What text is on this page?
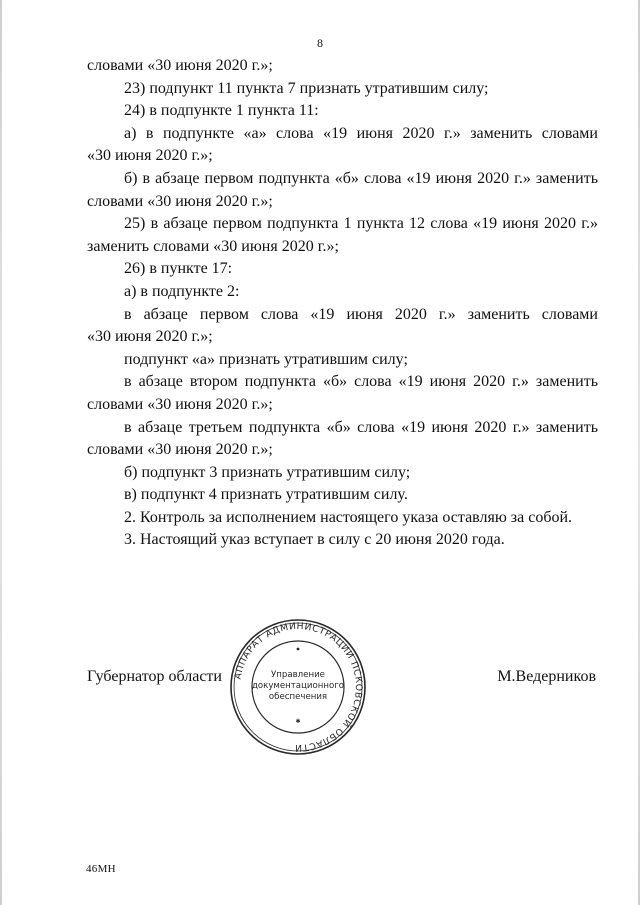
8

словами «30 июня 2020 г.»;

23) подпункт 11 пункта 7 признать утратившим силу;

24) в подпункте 1 пункта 11:

а) в подпункте «а» слова «19 июня 2020 г.» заменить словами

«30 июня 2020 г.»;

б) в абзаце первом подпункта «б» слова «19 июня 2020 г.» заменить

словами «30 июня 2020 г.»;

25) в абзаце первом подпункта 1 пункта 12 слова «19 июня 2020 г.»

заменить словами «30 июня 2020 г.»;

26) в пункте 17:

а) в подпункте 2:

в абзаце первом слова «19 июня 2020 г.» заменить словами

«30 июня 2020 г.»;

подпункт «а» признать утратившим силу;

в абзаце втором подпункта «б» слова «19 июня 2020 г.» заменить

словами «30 июня 2020 г.»;

в абзаце третьем подпункта «б» слова «19 июня 2020 г.» заменить

словами «30 июня 2020 г.»;

б) подпункт 3 признать утратившим силу;

в) подпункт 4 признать утратившим силу.

2. Контроль за исполнением настоящего указа оставляю за собой.

3. Настоящий указ вступает в силу с 20 июня 2020 года.

Губернатор области АППАРАТ АДМИНИСТРАЦИИ ПСКОВСКОЙ ОБЛАСТИ
Управление
документационного
обеспечения
✱
М.Ведерников
46МН
